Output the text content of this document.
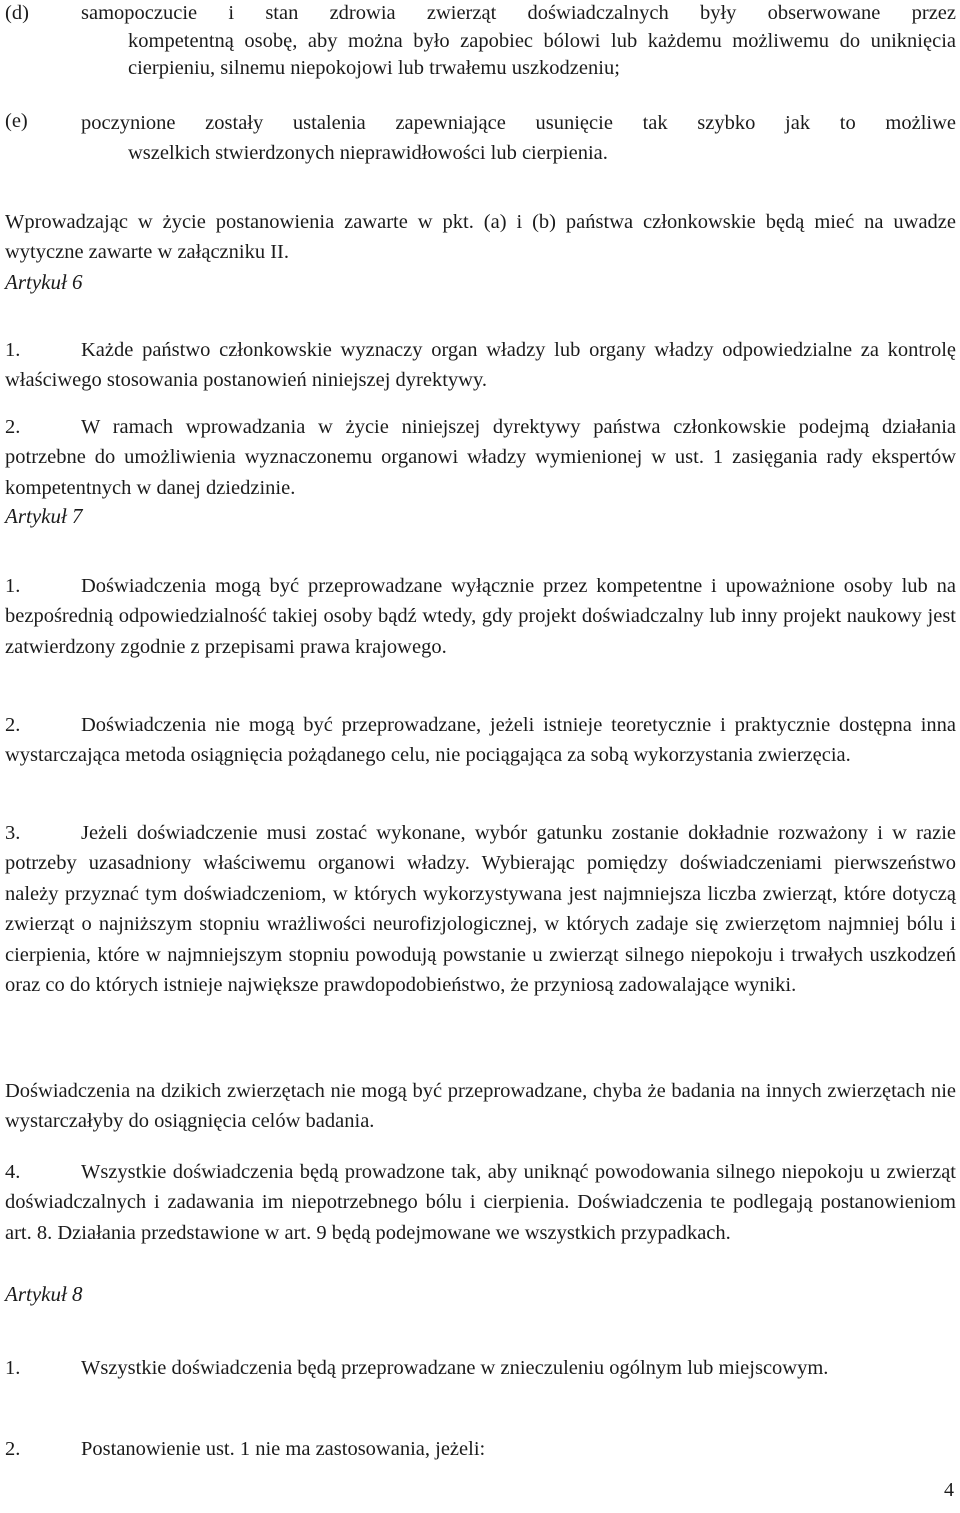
(d)	samopoczucie i stan zdrowia zwierząt doświadczalnych były obserwowane przez
kompetentną osobę, aby można było zapobiec bólowi lub każdemu możliwemu do uniknięcia cierpieniu, silnemu niepokojowi lub trwałemu uszkodzeniu;
(e)	poczynione zostały ustalenia zapewniające usunięcie tak szybko jak to możliwe
wszelkich stwierdzonych nieprawidłowości lub cierpienia.

Wprowadzając w życie postanowienia zawarte w pkt. (a) i (b) państwa członkowskie będą mieć na uwadze wytyczne zawarte w załączniku II.

Artykuł 6

1.	Każde państwo członkowskie wyznaczy organ władzy lub organy władzy odpowiedzialne za kontrolę właściwego stosowania postanowień niniejszej dyrektywy.

2.	W ramach wprowadzania w życie niniejszej dyrektywy państwa członkowskie podejmą działania potrzebne do umożliwienia wyznaczonemu organowi władzy wymienionej w ust. 1 zasięgania rady ekspertów kompetentnych w danej dziedzinie.

Artykuł 7

1.	Doświadczenia mogą być przeprowadzane wyłącznie przez kompetentne i upoważnione osoby lub na bezpośrednią odpowiedzialność takiej osoby bądź wtedy, gdy projekt doświadczalny lub inny projekt naukowy jest zatwierdzony zgodnie z przepisami prawa krajowego.

2.	Doświadczenia nie mogą być przeprowadzane, jeżeli istnieje teoretycznie i praktycznie dostępna inna wystarczająca metoda osiągnięcia pożądanego celu, nie pociągająca za sobą wykorzystania zwierzęcia.

3.	Jeżeli doświadczenie musi zostać wykonane, wybór gatunku zostanie dokładnie rozważony i w razie potrzeby uzasadniony właściwemu organowi władzy. Wybierając pomiędzy doświadczeniami pierwszeństwo należy przyznać tym doświadczeniom, w których wykorzystywana jest najmniejsza liczba zwierząt, które dotyczą zwierząt o najniższym stopniu wrażliwości neurofizjologicznej, w których zadaje się zwierzętom najmniej bólu i cierpienia, które w najmniejszym stopniu powodują powstanie u zwierząt silnego niepokoju i trwałych uszkodzeń oraz co do których istnieje największe prawdopodobieństwo, że przyniosą zadowalające wyniki.

Doświadczenia na dzikich zwierzętach nie mogą być przeprowadzane, chyba że badania na innych zwierzętach nie wystarczałyby do osiągnięcia celów badania.

4.	Wszystkie doświadczenia będą prowadzone tak, aby uniknąć powodowania silnego niepokoju u zwierząt doświadczalnych i zadawania im niepotrzebnego bólu i cierpienia. Doświadczenia te podlegają postanowieniom art. 8. Działania przedstawione w art. 9 będą podejmowane we wszystkich przypadkach.

Artykuł 8

1.	Wszystkie doświadczenia będą przeprowadzane w znieczuleniu ogólnym lub miejscowym.

2.	Postanowienie ust. 1 nie ma zastosowania, jeżeli:

4
